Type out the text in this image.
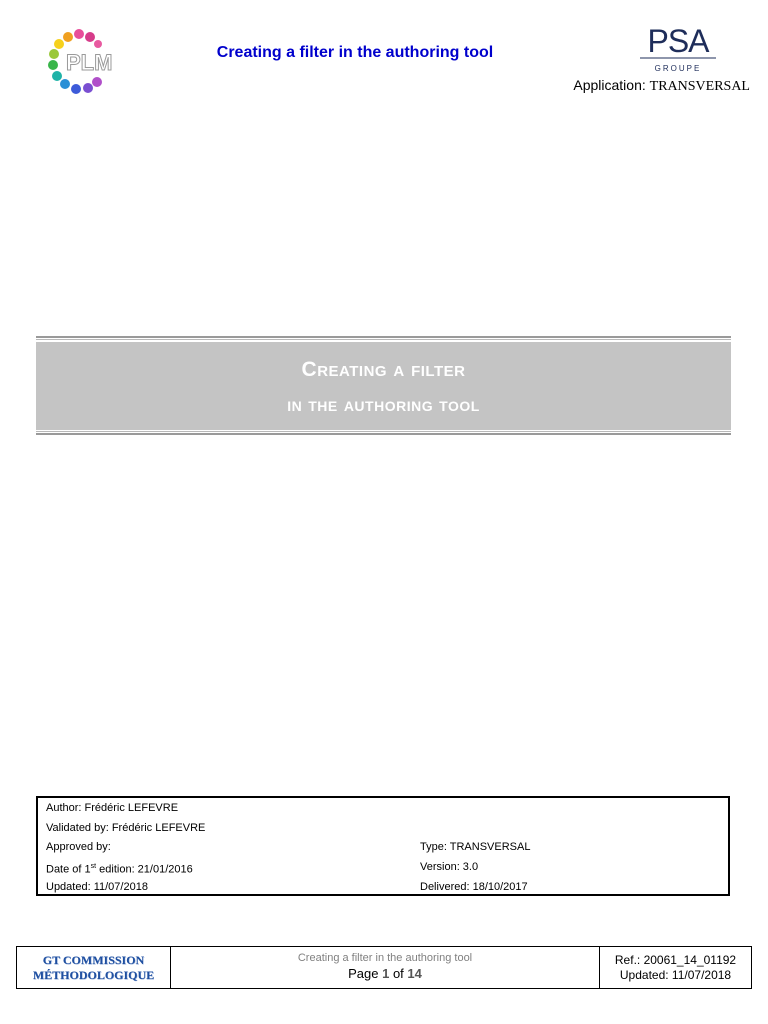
PLM	Creating a filter in the authoring tool	PSA
GROUPE
Application: TRANSVERSAL
Creating a filter
in the authoring tool
Author: Frédéric LEFEVRE
Validated by: Frédéric LEFEVRE
Approved by:
Date of 1st edition: 21/01/2016
Updated: 11/07/2018
Type: TRANSVERSAL
Version: 3.0
Delivered: 18/10/2017
GT COMMISSION
MÉTHODOLOGIQUE
Creating a filter in the authoring tool
Page 1 of 14
Ref.: 20061_14_01192
Updated: 11/07/2018
